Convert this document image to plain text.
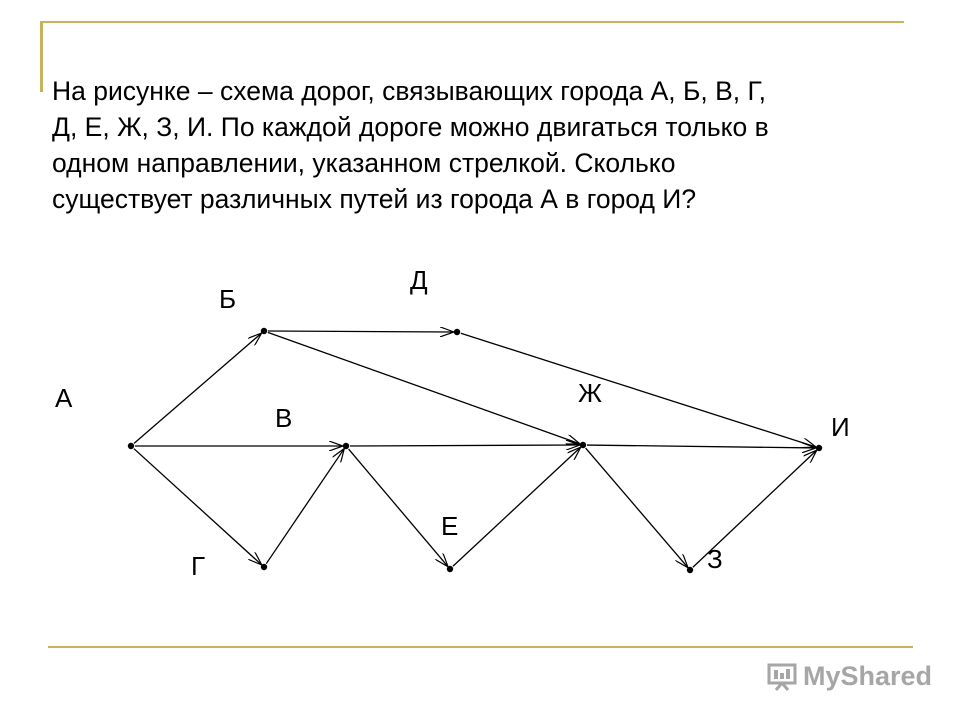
На рисунке – схема дорог, связывающих города А, Б, В, Г,
Д, Е, Ж, З, И. По каждой дороге можно двигаться только в
одном направлении, указанном стрелкой. Сколько
существует различных путей из города А в город И?

А
Б
В
Г
Д
Е
Ж
З
И
MyShared
